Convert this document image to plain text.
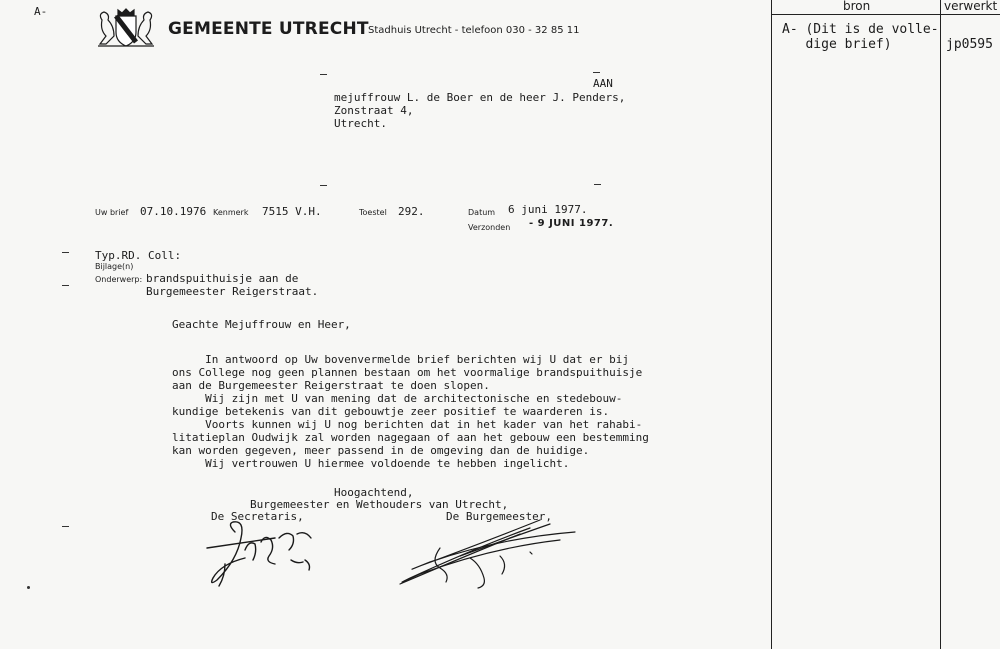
A-
GEMEENTE UTRECHT Stadhuis Utrecht - telefoon 030 - 32 85 11
AAN
mejuffrouw L. de Boer en de heer J. Penders,
Zonstraat 4,
Utrecht.
Uw brief 07.10.1976 Kenmerk 7515 V.H.	Toestel 292.	Datum 6 juni 1977.
Verzonden - 9 JUNI 1977.
Typ.RD. Coll:
Bijlage(n)
Onderwerp: brandspuithuisje aan de
Burgemeester Reigerstraat.
Geachte Mejuffrouw en Heer,
In antwoord op Uw bovenvermelde brief berichten wij U dat er bij
ons College nog geen plannen bestaan om het voormalige brandspuithuisje
aan de Burgemeester Reigerstraat te doen slopen.
Wij zijn met U van mening dat de architectonische en stedebouw-
kundige betekenis van dit gebouwtje zeer positief te waarderen is.
Voorts kunnen wij U nog berichten dat in het kader van het rahabi-
litatieplan Oudwijk zal worden nagegaan of aan het gebouw een bestemming
kan worden gegeven, meer passend in de omgeving dan de huidige.
Wij vertrouwen U hiermee voldoende te hebben ingelicht.
Hoogachtend,
Burgemeester en Wethouders van Utrecht,
De Secretaris,	De Burgemeester,
bron	verwerkt
A- (Dit is de volle-
dige brief)	jp0595
